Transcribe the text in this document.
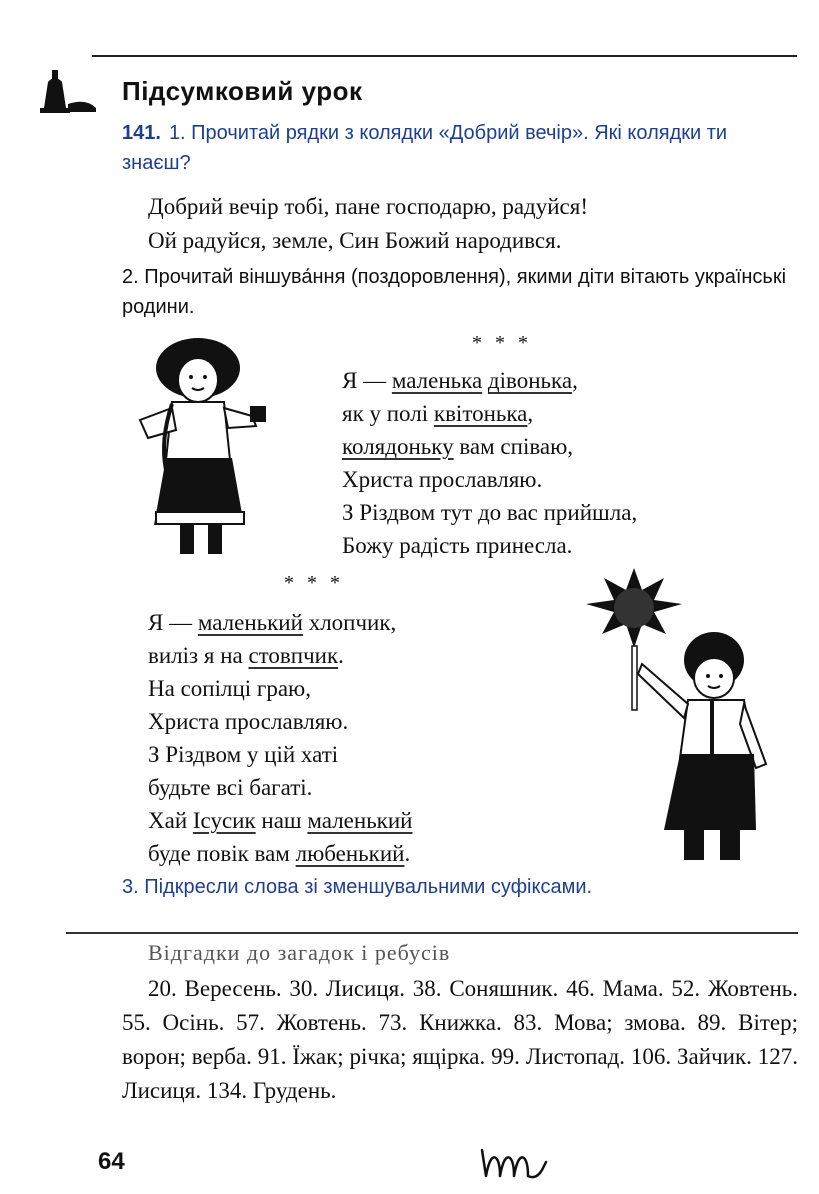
Підсумковий урок
141. 1. Прочитай рядки з колядки «Добрий вечір». Які колядки ти знаєш?
Добрий вечір тобі, пане господарю, радуйся!
Ой радуйся, земле, Син Божий народився.
2. Прочитай віншува́ння (поздоровлення), якими діти вітають українські родини.
* * *
Я — маленька дівонька,
як у полі квітонька,
колядоньку вам співаю,
Христа прославляю.
З Різдвом тут до вас прийшла,
Божу радість принесла.
* * *
Я — маленький хлопчик,
виліз я на стовпчик.
На сопілці граю,
Христа прославляю.
З Різдвом у цій хаті
будьте всі багаті.
Хай Ісусик наш маленький
буде повік вам любенький.
3. Підкресли слова зі зменшувальними суфіксами.
Відгадки до загадок і ребусів
20. Вересень. 30. Лисиця. 38. Соняшник. 46. Мама. 52. Жовтень. 55. Осінь. 57. Жовтень. 73. Книжка. 83. Мова; змова. 89. Вітер; ворон; верба. 91. Їжак; річка; ящірка. 99. Листопад. 106. Зайчик. 127. Лисиця. 134. Грудень.
64
